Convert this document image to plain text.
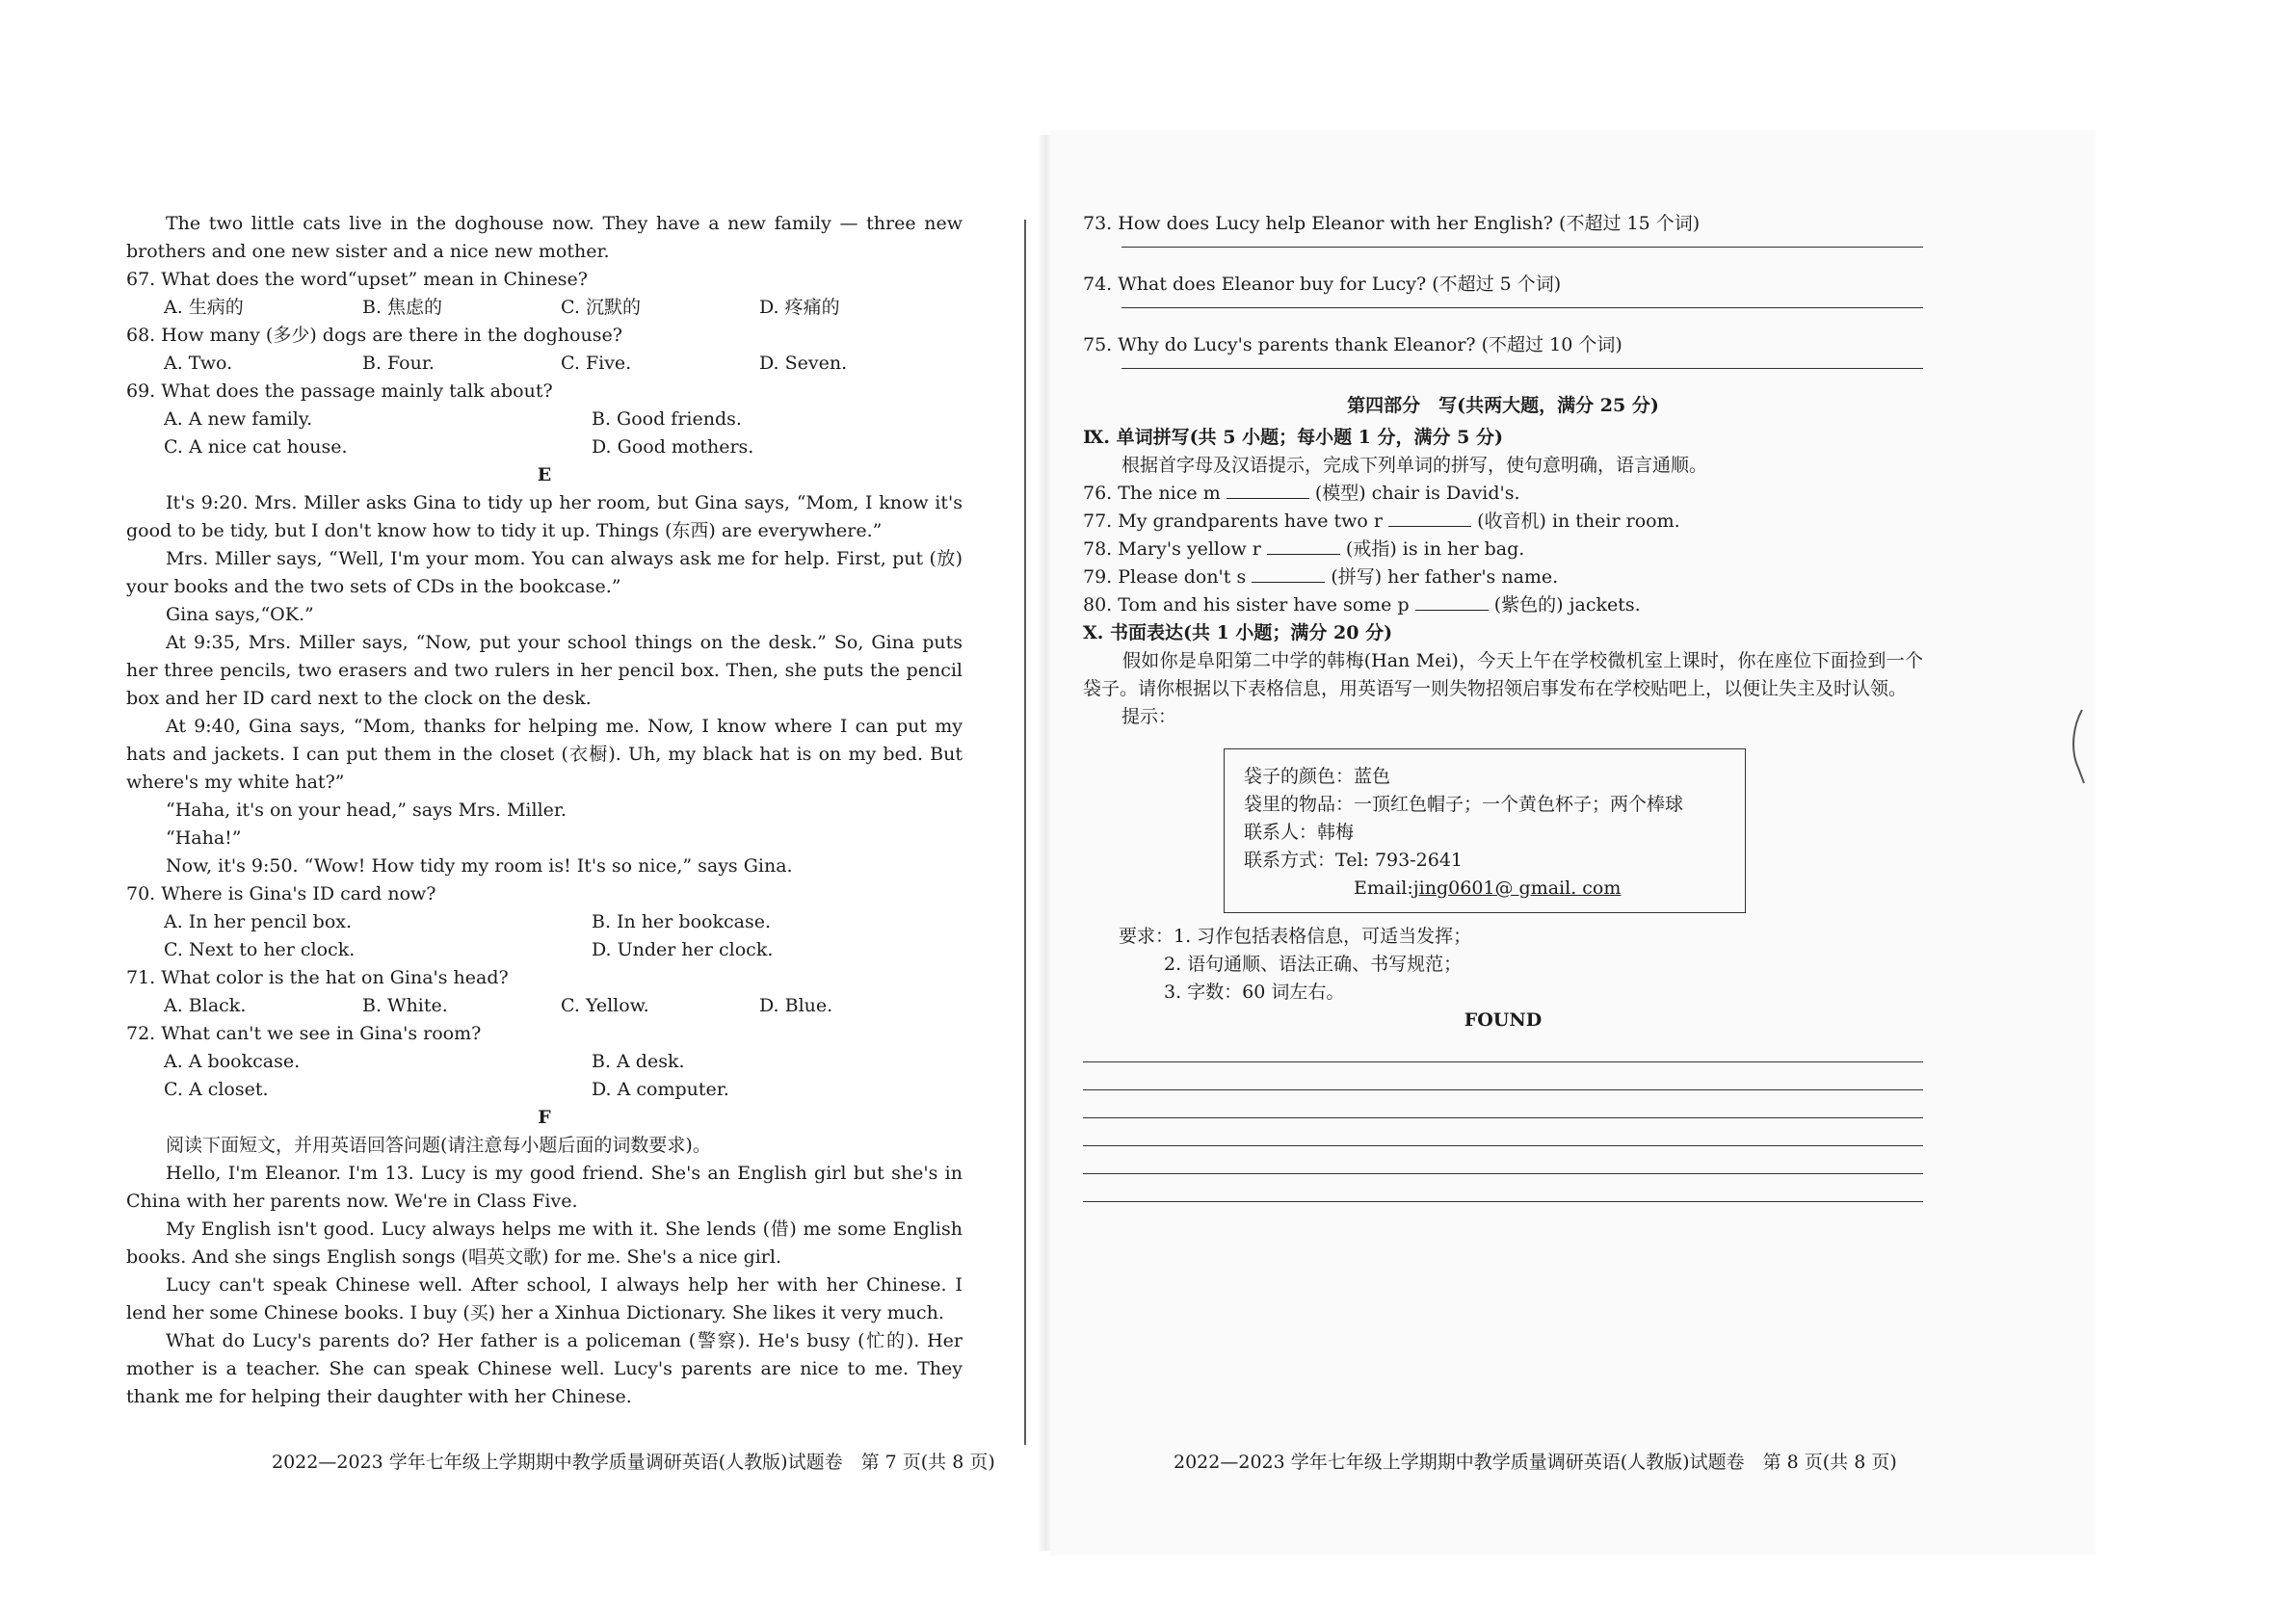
The two little cats live in the doghouse now. They have a new family — three new brothers and one new sister and a nice new mother.

67. What does the word“upset” mean in Chinese?

A. 生病的	B. 焦虑的	C. 沉默的	D. 疼痛的

68. How many (多少) dogs are there in the doghouse?

A. Two.	B. Four.	C. Five.	D. Seven.

69. What does the passage mainly talk about?

A. A new family.	B. Good friends.
C. A nice cat house.	D. Good mothers.

E

It's 9:20. Mrs. Miller asks Gina to tidy up her room, but Gina says, “Mom, I know it's good to be tidy, but I don't know how to tidy it up. Things (东西) are everywhere.”

Mrs. Miller says, “Well, I'm your mom. You can always ask me for help. First, put (放) your books and the two sets of CDs in the bookcase.”

Gina says,“OK.”

At 9:35, Mrs. Miller says, “Now, put your school things on the desk.” So, Gina puts her three pencils, two erasers and two rulers in her pencil box. Then, she puts the pencil box and her ID card next to the clock on the desk.

At 9:40, Gina says, “Mom, thanks for helping me. Now, I know where I can put my hats and jackets. I can put them in the closet (衣橱). Uh, my black hat is on my bed. But where's my white hat?”

“Haha, it's on your head,” says Mrs. Miller.

“Haha!”

Now, it's 9:50. “Wow! How tidy my room is! It's so nice,” says Gina.

70. Where is Gina's ID card now?

A. In her pencil box.	B. In her bookcase.
C. Next to her clock.	D. Under her clock.

71. What color is the hat on Gina's head?

A. Black.	B. White.	C. Yellow.	D. Blue.

72. What can't we see in Gina's room?

A. A bookcase.	B. A desk.
C. A closet.	D. A computer.

F

阅读下面短文，并用英语回答问题(请注意每小题后面的词数要求)。

Hello, I'm Eleanor. I'm 13. Lucy is my good friend. She's an English girl but she's in China with her parents now. We're in Class Five.

My English isn't good. Lucy always helps me with it. She lends (借) me some English books. And she sings English songs (唱英文歌) for me. She's a nice girl.

Lucy can't speak Chinese well. After school, I always help her with her Chinese. I lend her some Chinese books. I buy (买) her a Xinhua Dictionary. She likes it very much.

What do Lucy's parents do? Her father is a policeman (警察). He's busy (忙的). Her mother is a teacher. She can speak Chinese well. Lucy's parents are nice to me. They thank me for helping their daughter with her Chinese.

2022—2023 学年七年级上学期期中教学质量调研英语(人教版)试题卷　第 7 页(共 8 页)

73. How does Lucy help Eleanor with her English? (不超过 15 个词)

74. What does Eleanor buy for Lucy? (不超过 5 个词)

75. Why do Lucy's parents thank Eleanor? (不超过 10 个词)

第四部分　写(共两大题，满分 25 分)

Ⅸ. 单词拼写(共 5 小题；每小题 1 分，满分 5 分)

根据首字母及汉语提示，完成下列单词的拼写，使句意明确，语言通顺。

76. The nice m	(模型) chair is David's.

77. My grandparents have two r	(收音机) in their room.

78. Mary's yellow r	(戒指) is in her bag.

79. Please don't s	(拼写) her father's name.

80. Tom and his sister have some p	(紫色的) jackets.

Ⅹ. 书面表达(共 1 小题；满分 20 分)

假如你是阜阳第二中学的韩梅(Han Mei)，今天上午在学校微机室上课时，你在座位下面捡到一个袋子。请你根据以下表格信息，用英语写一则失物招领启事发布在学校贴吧上，以便让失主及时认领。

提示：

袋子的颜色：蓝色

袋里的物品：一顶红色帽子；一个黄色杯子；两个棒球

联系人：韩梅

联系方式：Tel: 793-2641

Email:jing0601@ gmail. com

要求：1. 习作包括表格信息，可适当发挥；

2. 语句通顺、语法正确、书写规范；

3. 字数：60 词左右。

FOUND

2022—2023 学年七年级上学期期中教学质量调研英语(人教版)试题卷　第 8 页(共 8 页)
